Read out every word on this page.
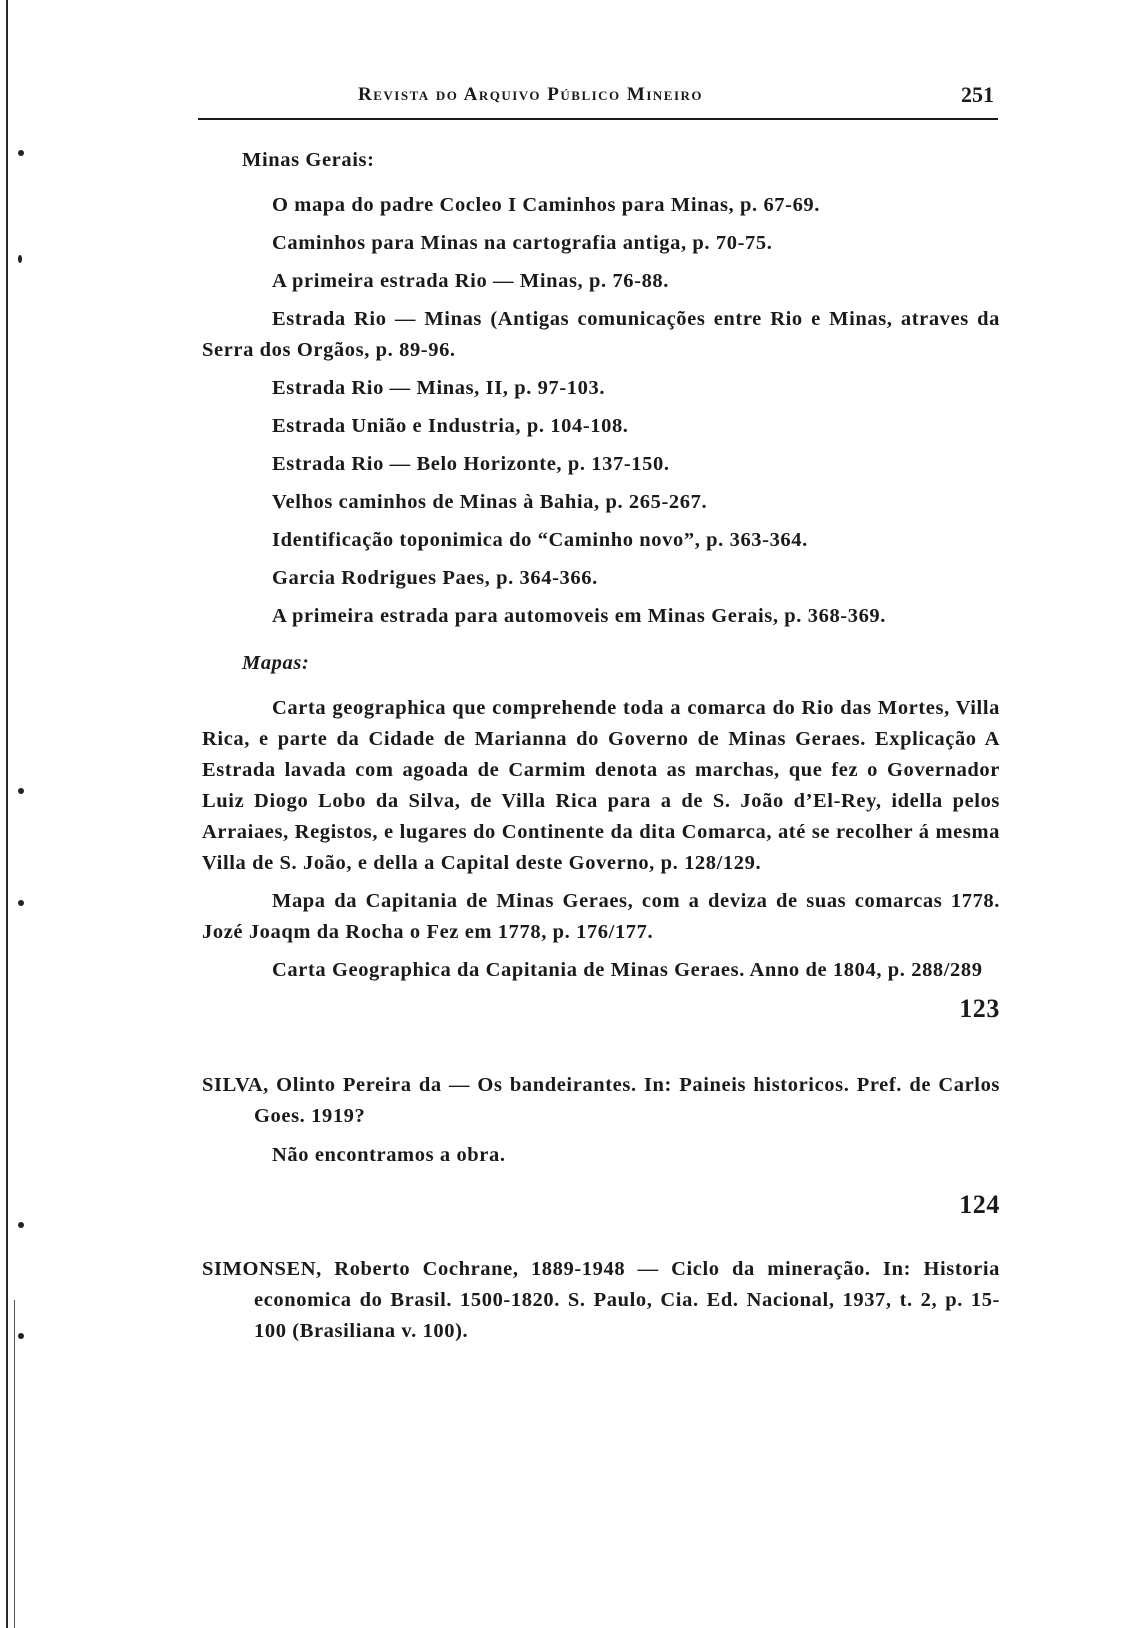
Revista do Arquivo Público Mineiro	251
Minas Gerais:

O mapa do padre Cocleo I Caminhos para Minas, p. 67-69.

Caminhos para Minas na cartografia antiga, p. 70-75.

A primeira estrada Rio — Minas, p. 76-88.

Estrada Rio — Minas (Antigas comunicações entre Rio e Minas, atraves da Serra dos Orgãos, p. 89-96.

Estrada Rio — Minas, II, p. 97-103.

Estrada União e Industria, p. 104-108.

Estrada Rio — Belo Horizonte, p. 137-150.

Velhos caminhos de Minas à Bahia, p. 265-267.

Identificação toponimica do “Caminho novo”, p. 363-364.

Garcia Rodrigues Paes, p. 364-366.

A primeira estrada para automoveis em Minas Gerais, p. 368-369.

Mapas:

Carta geographica que comprehende toda a comarca do Rio das Mortes, Villa Rica, e parte da Cidade de Marianna do Governo de Minas Geraes. Explicação A Estrada lavada com agoada de Carmim denota as marchas, que fez o Governador Luiz Diogo Lobo da Silva, de Villa Rica para a de S. João d’El-Rey, idella pelos Arraiaes, Registos, e lugares do Continente da dita Comarca, até se recolher á mesma Villa de S. João, e della a Capital deste Governo, p. 128/129.

Mapa da Capitania de Minas Geraes, com a deviza de suas comarcas 1778. Jozé Joaqm da Rocha o Fez em 1778, p. 176/177.

Carta Geographica da Capitania de Minas Geraes. Anno de 1804, p. 288/289

123

SILVA, Olinto Pereira da — Os bandeirantes. In: Paineis historicos. Pref. de Carlos Goes. 1919?

Não encontramos a obra.

124

SIMONSEN, Roberto Cochrane, 1889-1948 — Ciclo da mineração. In: Historia economica do Brasil. 1500-1820. S. Paulo, Cia. Ed. Nacional, 1937, t. 2, p. 15-100 (Brasiliana v. 100).
